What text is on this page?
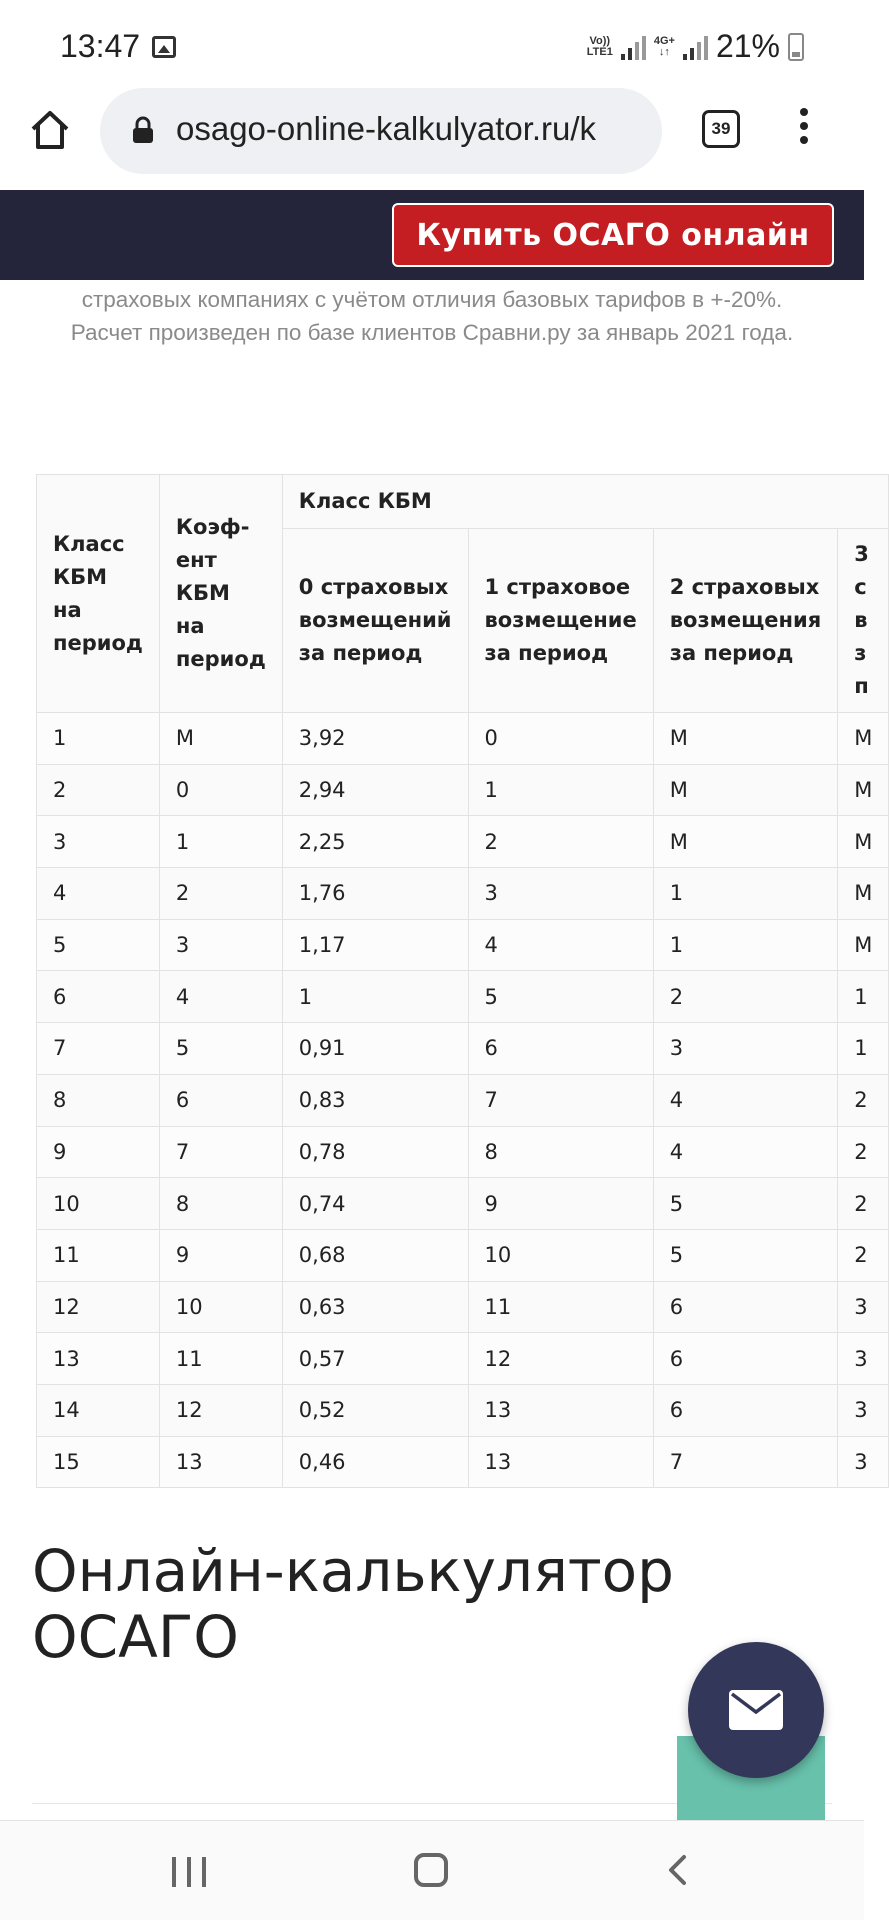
13:47	Vo))
LTE1
4G+
↓↑ 21%
osago-online-kalkulyator.ru/k	39
Купить ОСАГО онлайн
страховых компаниях с учётом отличия базовых тарифов в +-20%.
Расчет произведен по базе клиентов Сравни.ру за январь 2021 года.
Класс КБМ на период	Коэф-ент КБМ на период	Класс КБМ			
		0 страховых возмещений за период	1 страховое возмещение за период	2 страховых возмещения за период	3 с в з п
1	М	3,92	0	М	М
2	0	2,94	1	М	М
3	1	2,25	2	М	М
4	2	1,76	3	1	М
5	3	1,17	4	1	М
6	4	1	5	2	1
7	5	0,91	6	3	1
8	6	0,83	7	4	2
9	7	0,78	8	4	2
10	8	0,74	9	5	2
11	9	0,68	10	5	2
12	10	0,63	11	6	3
13	11	0,57	12	6	3
14	12	0,52	13	6	3
15	13	0,46	13	7	3
Онлайн-калькулятор
ОСАГО
